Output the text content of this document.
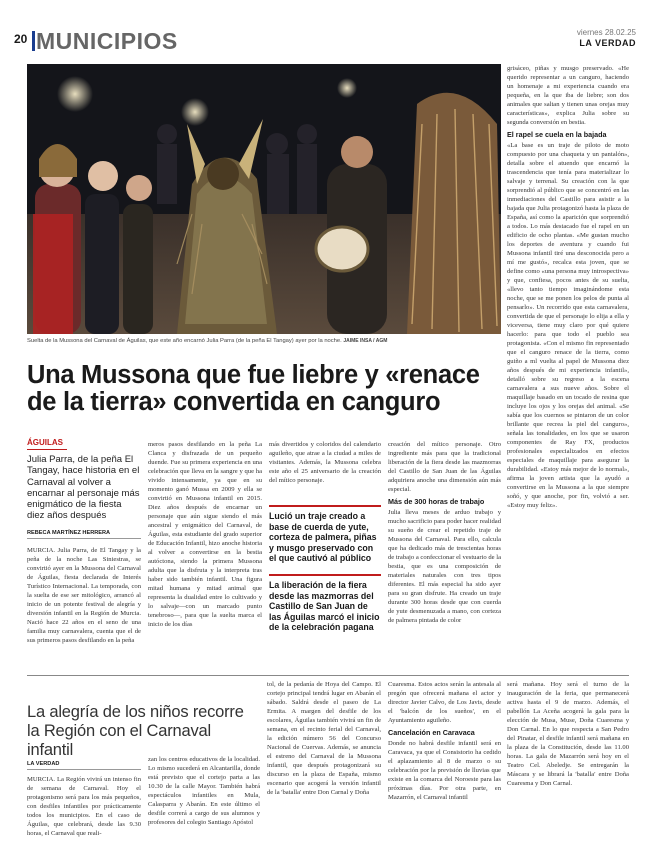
20 MUNICIPIOS	viernes 28.02.25
LA VERDAD
Suelta de la Mussona del Carnaval de Águilas, que este año encarnó Julia Parra (de la peña El Tangay) ayer por la noche. JAIME INSA / AGM
Una Mussona que fue liebre y «renace de la tierra» convertida en canguro
ÁGUILAS
Julia Parra, de la peña El Tangay, hace historia en el Carnaval al volver a encarnar al personaje más enigmático de la fiesta diez años después
REBECA MARTÍNEZ HERRERA
MURCIA. Julia Parra, de El Tangay y la peña de la noche Las Siniestras, se convirtió ayer en la Mussona del Carnaval de Águilas, fiesta declarada de Interés Turístico Internacional. La temporada, con la suelta de ese ser mitológico, arrancó al inicio de un potente festival de alegría y diversión infantil en la Región de Murcia. Nació hace 22 años en el seno de una familia muy carnavalera, cuenta que el de sus primeros pasos desfilando en la peña
meros pasos desfilando en la peña La Clanca y disfrazada de un pequeño duende. Fue su primera experiencia en una celebración que lleva en la sangre y que ha vivido intensamente, ya que en su momento ganó Mussa en 2009 y ella se convirtió en Mussona infantil en 2015. Diez años después de encarnar un personaje que aún sigue siendo el más ancestral y enigmático del Carnaval, de Águilas, esta estudiante del grado superior de Educación Infantil, hizo anoche historia al volver a convertirse en la bestia autóctona, siendo la primera Mussona adulta que la disfruta y la interpreta tras haber sido también infantil. Una figura mitad humana y mitad animal que representa la dualidad entre lo cultivado y lo salvaje—con un marcado punto tenebroso—, para que la suelta marca el inicio de los días
más divertidos y coloridos del calendario aguileño, que atrae a la ciudad a miles de visitantes. Además, la Mussona celebra este año el 25 aniversario de la creación del mítico personaje.
Lució un traje creado a base de cuerda de yute, corteza de palmera, piñas y musgo preservado con el que cautivó al público
La liberación de la fiera desde las mazmorras del Castillo de San Juan de las Águilas marcó el inicio de la celebración pagana
creación del mítico personaje. Otro ingrediente más para que la tradicional liberación de la fiera desde las mazmorras del Castillo de San Juan de las Águilas adquiriera anoche una dimensión aún más especial.
Más de 300 horas de trabajo
Julia lleva meses de arduo trabajo y mucho sacrificio para poder hacer realidad su sueño de crear el repetido traje de Mussona del Carnaval. Para ello, calcula que ha dedicado más de trescientas horas de trabajo a confeccionar el vestuario de la bestia, que es una composición de materiales naturales con tres tipos diferentes. El más especial ha sido ayer para su gran disfrute. Ha creado un traje durante 300 horas desde que con cuerda de yute desmenuzada a mano, con corteza de palmera pintada de color
grisáceo, piñas y musgo preservado. «He querido representar a un canguro, haciendo un homenaje a mi experiencia cuando era pequeña, en la que iba de liebre; son dos animales que saltan y tienen unas orejas muy características», explica Julia sobre su segunda conversión en bestia.
El rapel se cuela en la bajada
«La base es un traje de piloto de moto compuesto por una chaqueta y un pantalón», detalla sobre el atuendo que encarnó la trascendencia que tenía para materializar lo salvaje y terrenal. Su creación con la que sorprendió al público que se concentró en las inmediaciones del Castillo para asistir a la bajada que Julia protagonizó hasta la plaza de España, así como la aparición que sorprendió a todos. Lo más destacado fue el rapel en un edificio de ocho plantas. «Me gustan mucho los deportes de aventura y cuando fui Mussona infantil tiré una desconocida pero a mí me gustó», recalca esta joven, que se define como «una persona muy introspectiva» y que, confiesa, pocos antes de su suelta, «llevo tanto tiempo imaginándome esta noche, que se me ponen los pelos de punta al pensarlo». Un recorrido que esta carnavalera, convertida de que el personaje lo elija a ella y viceversa, tiene muy claro por qué quiere hacerlo: para que todo el pueblo sea protagonista. «Con el mismo fin representado que el canguro renace de la tierra, como guiño a ml vuelta al papel de Mussona diez años después de mi experiencia infantil», detalló sobre su regreso a la escena carnavalera a sus nueve años. Sobre el maquillaje basado en un tocado de resina que incluye los ojos y los orejas del animal. «Se sabía que los cuernos se pintaron de un color brillante que recrea la piel del canguro», señala las tonalidades, en los que se usaron componentes de Ray FX, productos profesionales especializados en efectos especiales de maquillaje para asegurar la durabilidad. «Estoy más mejor de lo normal», afirma la joven artista que la ayudó a convertirse en la Mussona a la que siempre soñó, y que anoche, por fin, volvió a ser. «Estoy muy feliz».
La alegría de los niños recorre la Región con el Carnaval infantil
LA VERDAD
MURCIA. La Región vivirá un intenso fin de semana de Carnaval. Hoy el protagonismo será para los más pequeños, con desfiles infantiles por prácticamente todos los municipios. En el caso de Águilas, que celebrará, desde las 9.30 horas, el Carnaval que reali-
zan los centros educativos de la localidad. Lo mismo sucederá en Alcantarilla, donde está previsto que el cortejo parta a las 10.30 de la calle Mayor. También habrá espectáculos infantiles en Mula, Calasparra y Abarán. En este último el desfile correrá a cargo de sus alumnos y profesores del colegio Santiago Apóstol
tol, de la pedanía de Hoya del Campo. El cortejo principal tendrá lugar en Abarán el sábado. Saldrá desde el paseo de La Ermita. A margen del desfile de los escolares, Águilas también vivirá un fin de semana, en el recinto ferial del Carnaval, la edición número 56 del Concurso Nacional de Cuervas. Además, se anuncia el estreno del Carnaval de la Mussona infantil, que después protagonizará su discurso en la plaza de España, mismo escenario que acogerá la versión infantil de la 'batalla' entre Don Carnal y Doña
Cuaresma. Estos actos serán la antesala al pregón que ofrecerá mañana el actor y director Javier Calvo, de Los Javis, desde el 'balcón de los sueños', en el Ayuntamiento aguileño.
Cancelación en Caravaca
Donde no habrá desfile infantil será en Caravaca, ya que el Consistorio ha cedido el aplazamiento al 8 de marzo o su celebración por la previsión de lluvias que existe en la comarca del Noroeste para las próximas días. Por otra parte, en Mazarrón, el Carnaval infantil
será mañana. Hoy será el turno de la inauguración de la feria, que permanecerá activa hasta el 9 de marzo. Además, el pabellón La Aceña acogerá la gala para la elección de Musa, Muse, Doña Cuaresma y Don Carnal. En lo que respecta a San Pedro del Pinatar, el desfile infantil será mañana en la plaza de la Constitución, desde las 11.00 horas. La gala de Mazarrón será hoy en el Teatro Cel. Abeledje. Se entregarán la Máscara y se librará la 'batalla' entre Doña Cuaresma y Don Carnal.
